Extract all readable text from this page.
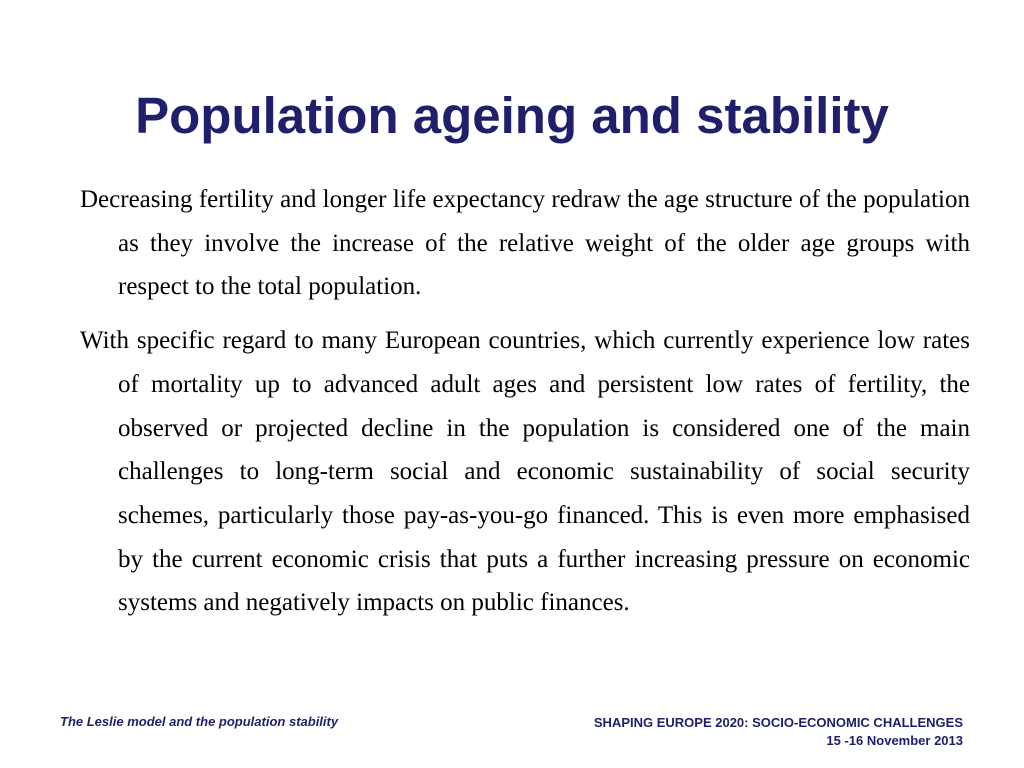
Population ageing and stability

Decreasing fertility and longer life expectancy redraw the age structure of the population as they involve the increase of the relative weight of the older age groups with respect to the total population.

With specific regard to many European countries, which currently experience low rates of mortality up to advanced adult ages and persistent low rates of fertility, the observed or projected decline in the population is considered one of the main challenges to long-term social and economic sustainability of social security schemes, particularly those pay-as-you-go financed. This is even more emphasised by the current economic crisis that puts a further increasing pressure on economic systems and negatively impacts on public finances.

The Leslie model and the population stability	SHAPING EUROPE 2020: SOCIO-ECONOMIC CHALLENGES
15 -16 November 2013
